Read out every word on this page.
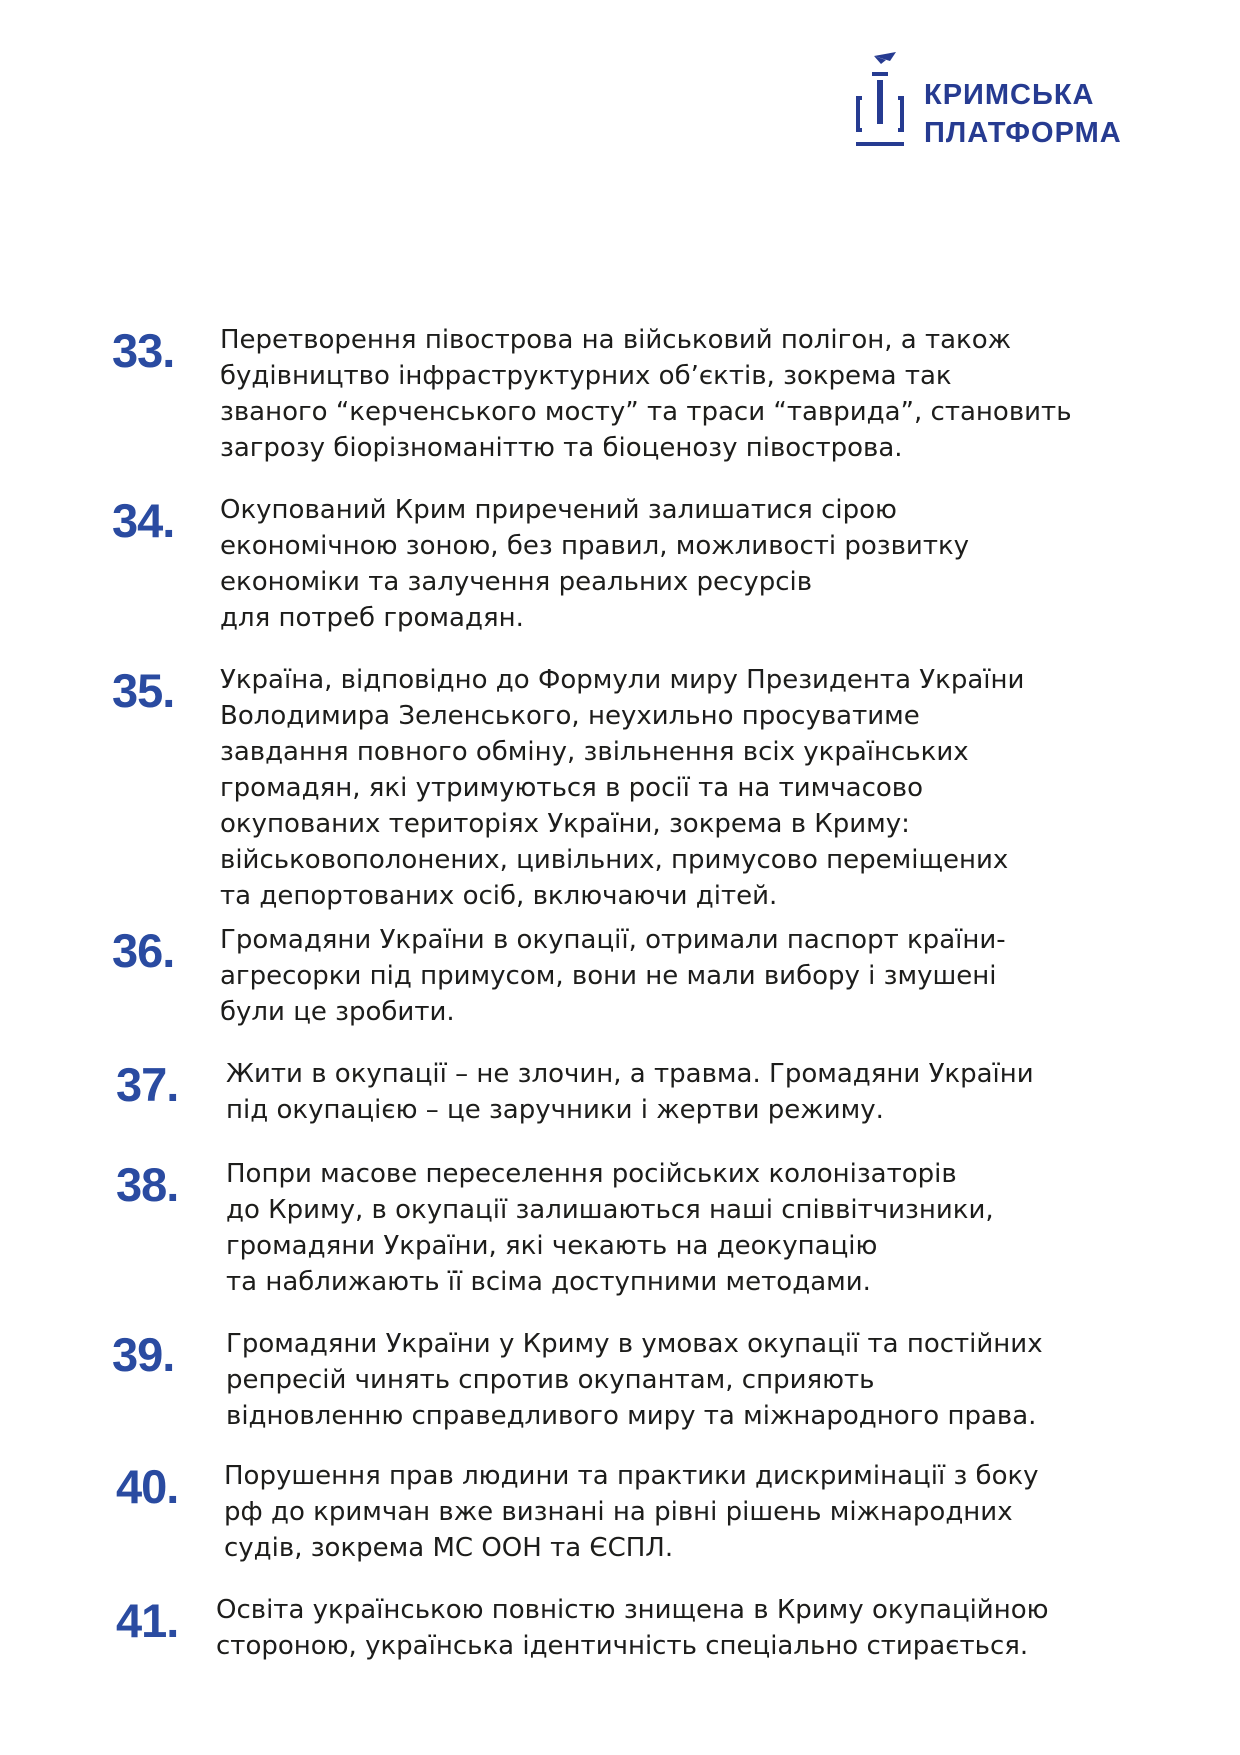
КРИМСЬКА
ПЛАТФОРМА
33. Перетворення півострова на військовий полігон, а також
будівництво інфраструктурних об’єктів, зокрема так
званого “керченського мосту” та траси “таврида”, становить
загрозу біорізноманіттю та біоценозу півострова.
34. Окупований Крим приречений залишатися сірою
економічною зоною, без правил, можливості розвитку
економіки та залучення реальних ресурсів
для потреб громадян.
35. Україна, відповідно до Формули миру Президента України
Володимира Зеленського, неухильно просуватиме
завдання повного обміну, звільнення всіх українських
громадян, які утримуються в росії та на тимчасово
окупованих територіях України, зокрема в Криму:
військовополонених, цивільних, примусово переміщених
та депортованих осіб, включаючи дітей.
36. Громадяни України в окупації, отримали паспорт країни-
агресорки під примусом, вони не мали вибору і змушені
були це зробити.
37. Жити в окупації – не злочин, а травма. Громадяни України
під окупацією – це заручники і жертви режиму.
38. Попри масове переселення російських колонізаторів
до Криму, в окупації залишаються наші співвітчизники,
громадяни України, які чекають на деокупацію
та наближають її всіма доступними методами.
39. Громадяни України у Криму в умовах окупації та постійних
репресій чинять спротив окупантам, сприяють
відновленню справедливого миру та міжнародного права.
40. Порушення прав людини та практики дискримінації з боку
рф до кримчан вже визнані на рівні рішень міжнародних
судів, зокрема МС ООН та ЄСПЛ.
41. Освіта українською повністю знищена в Криму окупаційною
стороною, українська ідентичність спеціально стирається.
